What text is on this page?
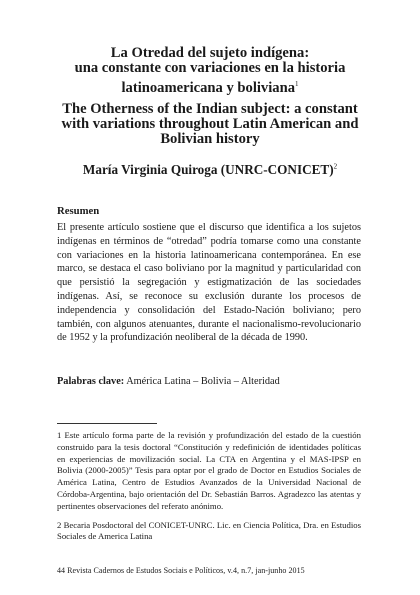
La Otredad del sujeto indígena:
una constante con variaciones en la historia
latinoamericana y boliviana$^1$

The Otherness of the Indian subject: a constant
with variations throughout Latin American and
Bolivian history

María Virginia Quiroga (UNRC-CONICET)$^2$
Resumen

El presente artículo sostiene que el discurso que identifica a los sujetos indígenas en términos de “otredad” podría tomarse como una constante con variaciones en la historia latinoamericana contemporánea. En ese marco, se destaca el caso boliviano por la magnitud y particularidad con que persistió la segregación y estigmatización de las sociedades indígenas. Así, se reconoce su exclusión durante los procesos de independencia y consolidación del Estado-Nación boliviano; pero también, con algunos atenuantes, durante el nacionalismo-revolucionario de 1952 y la profundización neoliberal de la década de 1990.

Palabras clave: América Latina – Bolivia – Alteridad

1 Este artículo forma parte de la revisión y profundización del estado de la cuestión construido para la tesis doctoral “Constitución y redefinición de identidades políticas en experiencias de movilización social. La CTA en Argentina y el MAS-IPSP en Bolivia (2000-2005)” Tesis para optar por el grado de Doctor en Estudios Sociales de América Latina, Centro de Estudios Avanzados de la Universidad Nacional de Córdoba-Argentina, bajo orientación del Dr. Sebastián Barros. Agradezco las atentas y pertinentes observaciones del referato anónimo.

2 Becaria Posdoctoral del CONICET-UNRC. Lic. en Ciencia Política, Dra. en Estudios Sociales de America Latina

44 Revista Cadernos de Estudos Sociais e Políticos, v.4, n.7, jan-junho 2015
